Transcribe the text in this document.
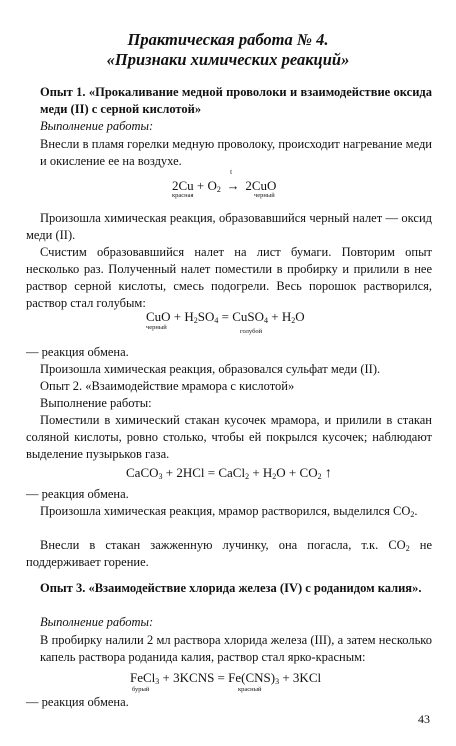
Практическая работа № 4.
«Признаки химических реакций»
Опыт 1. «Прокаливание медной проволоки и взаимодействие оксида меди (II) с серной кислотой»
Выполнение работы:
Внесли в пламя горелки медную проволоку, происходит нагревание меди и окисление ее на воздухе.
$2Cu + O_2$
t
→ 2CuO
красная	черный
Произошла химическая реакция, образовавшийся черный налет — оксид меди (II).
Счистим образовавшийся налет на лист бумаги. Повторим опыт несколько раз. Полученный налет поместили в пробирку и прилили в нее раствор серной кислоты, смесь подогрели. Весь порошок растворился, раствор стал голубым:
CuO + $H_2SO_4$ = CuSO$_4$ + $H_2O$
черный
голубой
— реакция обмена.
Произошла химическая реакция, образовался сульфат меди (II).
Опыт 2. «Взаимодействие мрамора с кислотой»
Выполнение работы:
Поместили в химический стакан кусочек мрамора, и прилили в стакан соляной кислоты, ровно столько, чтобы ей покрылся кусочек; наблюдают выделение пузырьков газа.
CaCO$_3$ + 2HCl = CaCl$_2$ + $H_2O + CO_2$ ↑
— реакция обмена.
Произошла химическая реакция, мрамор растворился, выделился $CO_2$.
Внесли в стакан зажженную лучинку, она погасла, т.к. $CO_2$ не поддерживает горение.
Опыт 3. «Взаимодействие хлорида железа (IV) с роданидом калия».
Выполнение работы:
В пробирку налили 2 мл раствора хлорида железа (III), а затем несколько капель раствора роданида калия, раствор стал ярко-красным:
FeCl$_3$ + 3KCNS = $Fe(CNS)_3 + 3KCl$
бурый	красный
— реакция обмена.
43
